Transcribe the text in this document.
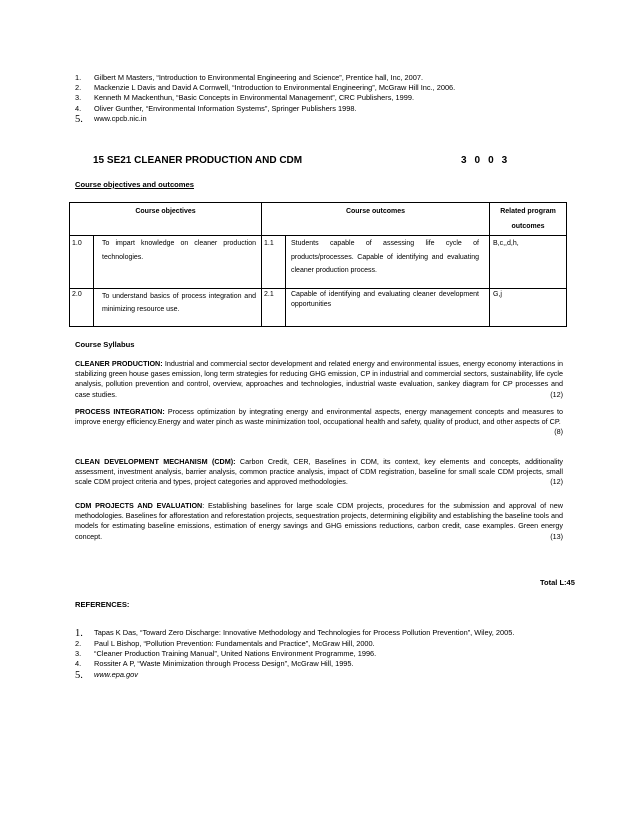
1.	Gilbert M Masters, “Introduction to Environmental Engineering and Science”, Prentice hall, Inc, 2007.
2.	Mackenzie L Davis and David A Cornwell, “Introduction to Environmental Engineering”, McGraw Hill Inc., 2006.
3.	Kenneth M Mackenthun, “Basic Concepts in Environmental Management”, CRC Publishers, 1999.
4.	Oliver Gunther, “Environmental Information Systems”, Springer Publishers 1998.
5.	www.cpcb.nic.in
15 SE21 CLEANER PRODUCTION AND CDM	3 0 0 3
Course objectives and outcomes
Course objectives		Course outcomes		Related program outcomes
1.0	To impart knowledge on cleaner production technologies.	1.1	Students capable of assessing life cycle of products/processes. Capable of identifying and evaluating cleaner production process.	B,c,,d,h,
2.0	To understand basics of process integration and minimizing resource use.	2.1	Capable of identifying and evaluating cleaner development opportunities	G,j
Course Syllabus
CLEANER PRODUCTION: Industrial and commercial sector development and related energy and environmental issues, energy economy interactions in stabilizing green house gases emission, long term strategies for reducing GHG emission, CP in industrial and commercial sectors, sustainability, life cycle analysis, pollution prevention and control, overview, approaches and technologies, industrial waste evaluation, sankey diagram for CP processes and case studies.	(12)
PROCESS INTEGRATION: Process optimization by integrating energy and environmental aspects, energy management concepts and measures to improve energy efficiency.Energy and water pinch as waste minimization tool, occupational health and safety, quality of product, and other aspects of CP.
(8)
CLEAN DEVELOPMENT MECHANISM (CDM): Carbon Credit, CER, Baselines in CDM, its context, key elements and concepts, additionality assessment, investment analysis, barrier analysis, common practice analysis, impact of CDM registration, baseline for small scale CDM projects, small scale CDM project criteria and types, project categories and approved methodologies.	(12)
CDM PROJECTS AND EVALUATION: Establishing baselines for large scale CDM projects, procedures for the submission and approval of new methodologies. Baselines for afforestation and reforestation projects, sequestration projects, determining eligibility and establishing the baseline tools and models for estimating baseline emissions, estimation of energy savings and GHG emissions reductions, carbon credit, case examples. Green energy concept.	(13)
Total L:45
REFERENCES:
1.	Tapas K Das, “Toward Zero Discharge: Innovative Methodology and Technologies for Process Pollution Prevention”, Wiley, 2005.
2.	Paul L Bishop, “Pollution Prevention: Fundamentals and Practice”, McGraw Hill, 2000.
3.	“Cleaner Production Training Manual”, United Nations Environment Programme, 1996.
4.	Rossiter A P, “Waste Minimization through Process Design”, McGraw Hill, 1995.
5.	www.epa.gov
